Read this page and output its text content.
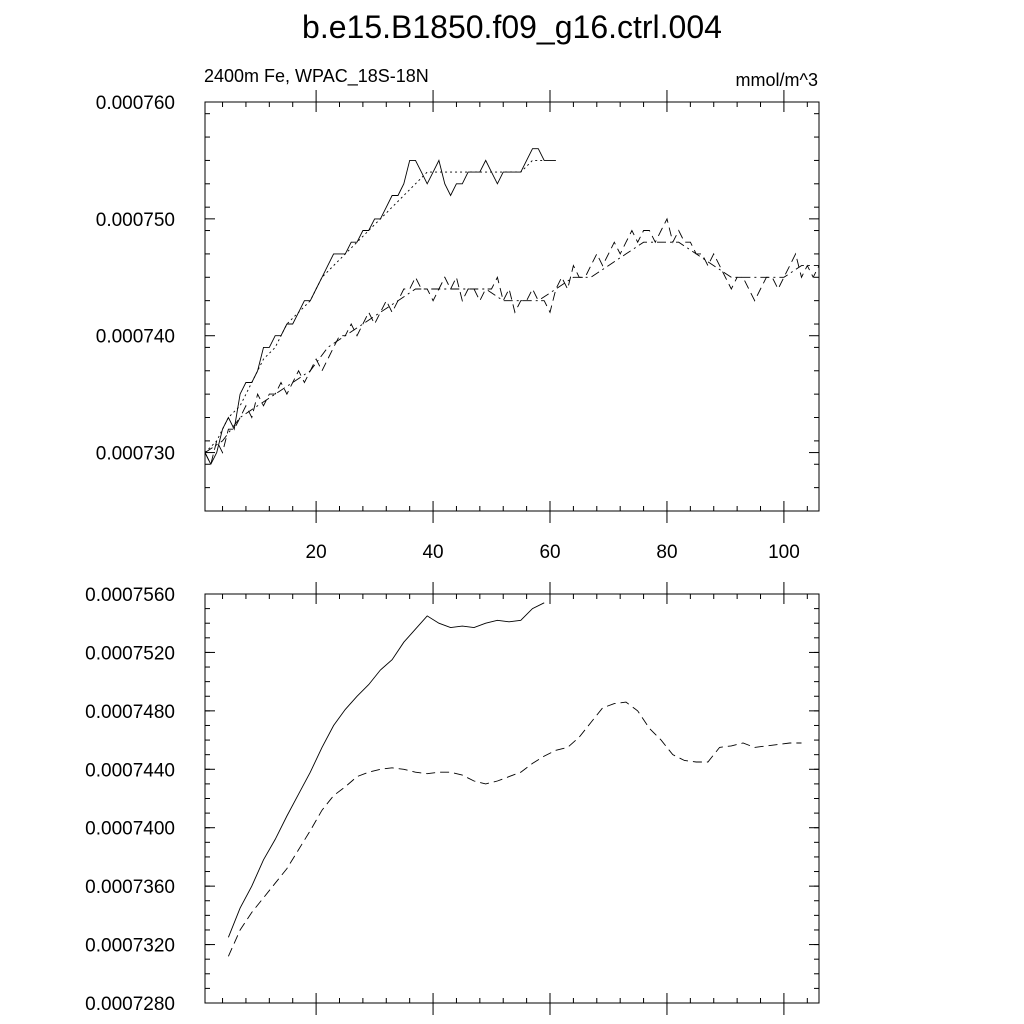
b.e15.B1850.f09_g16.ctrl.004
2400m Fe, WPAC_18S-18N	mmol/m^3
0.000730
0.000740
0.000750
0.000760
20	40	60	80	100
0.0007280
0.0007320
0.0007360
0.0007400
0.0007440
0.0007480
0.0007520
0.0007560
